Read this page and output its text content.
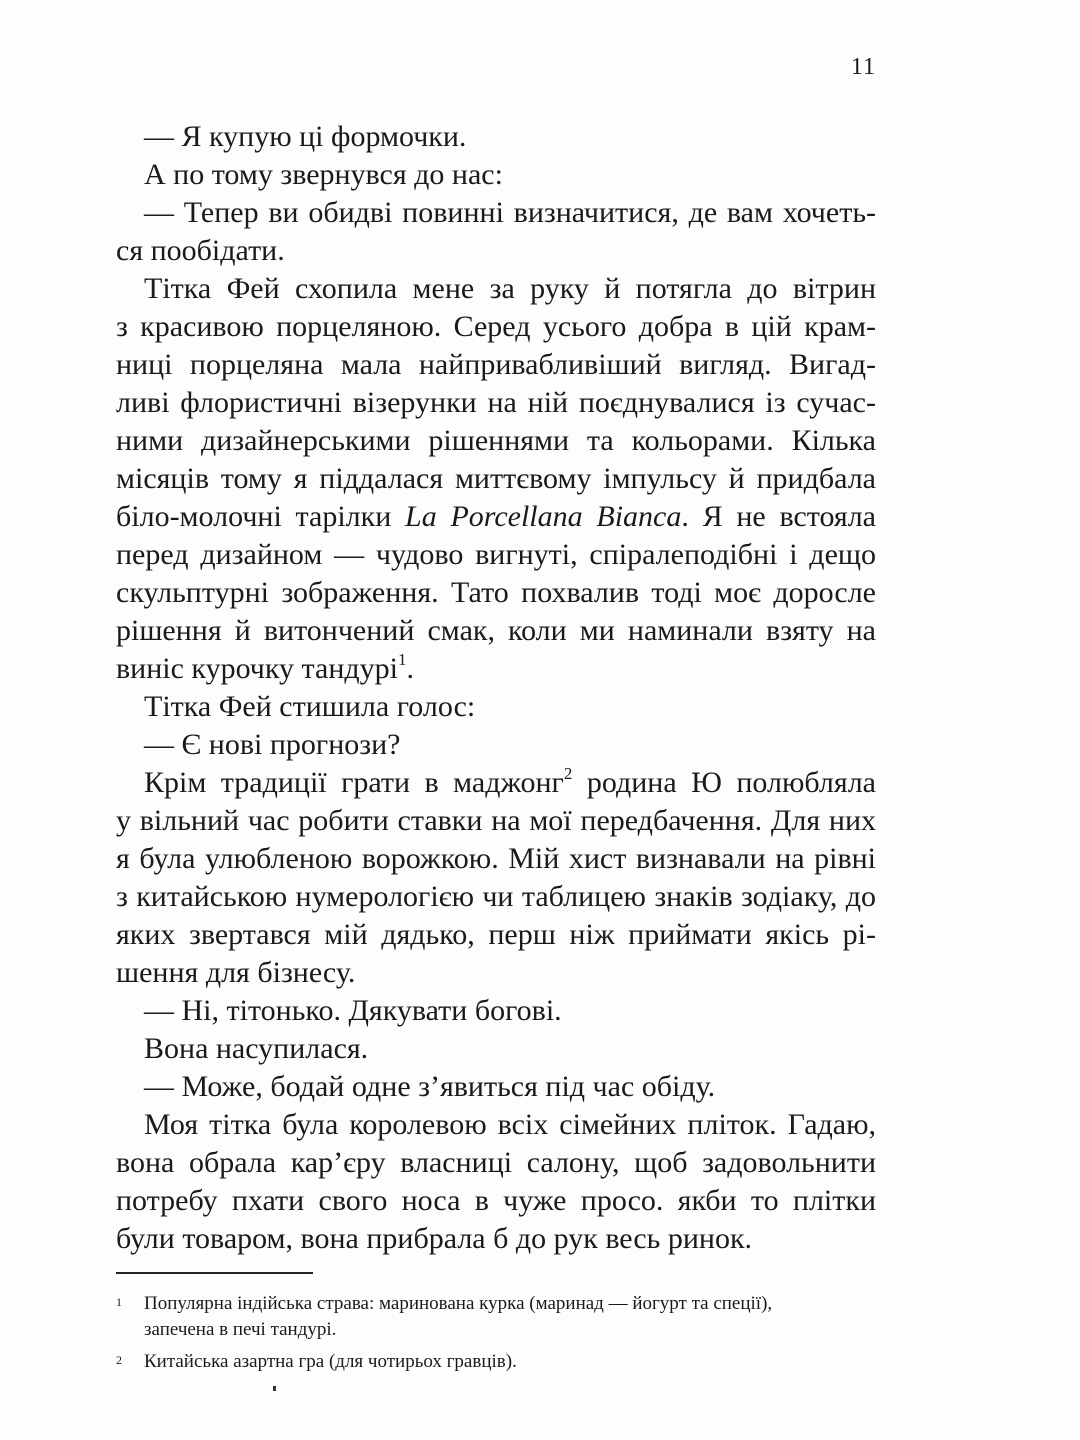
11
— Я купую ці формочки.
А по тому звернувся до нас:
— Тепер ви обидві повинні визначитися, де вам хочеть-
ся пообідати.
Тітка Фей схопила мене за руку й потягла до вітрин
з красивою порцеляною. Серед усього добра в цій крам-
ниці порцеляна мала найпривабливіший вигляд. Вигад-
ливі флористичні візерунки на ній поєднувалися із сучас-
ними дизайнерськими рішеннями та кольорами. Кілька
місяців тому я піддалася миттєвому імпульсу й придбала
біло-молочні тарілки La Porcellana Bianca. Я не встояла
перед дизайном — чудово вигнуті, спіралеподібні і дещо
скульптурні зображення. Тато похвалив тоді моє доросле
рішення й витончений смак, коли ми наминали взяту на
виніс курочку тандурі$^1$.
Тітка Фей стишила голос:
— Є нові прогнози?
Крім традиції грати в маджонг$^2$ родина Ю полюбляла
у вільний час робити ставки на мої передбачення. Для них
я була улюбленою ворожкою. Мій хист визнавали на рівні
з китайською нумерологією чи таблицею знаків зодіаку, до
яких звертався мій дядько, перш ніж приймати якісь рі-
шення для бізнесу.
— Ні, тітонько. Дякувати богові.
Вона насупилася.
— Може, бодай одне з’явиться під час обіду.
Моя тітка була королевою всіх сімейних пліток. Гадаю,
вона обрала кар’єру власниці салону, щоб задовольнити
потребу пхати свого носа в чуже просо. якби то плітки
були товаром, вона прибрала б до рук весь ринок.
1 Популярна індійська страва: маринована курка (маринад — йогурт та спеції),
запечена в печі тандурі.
2 Китайська азартна гра (для чотирьох гравців).
